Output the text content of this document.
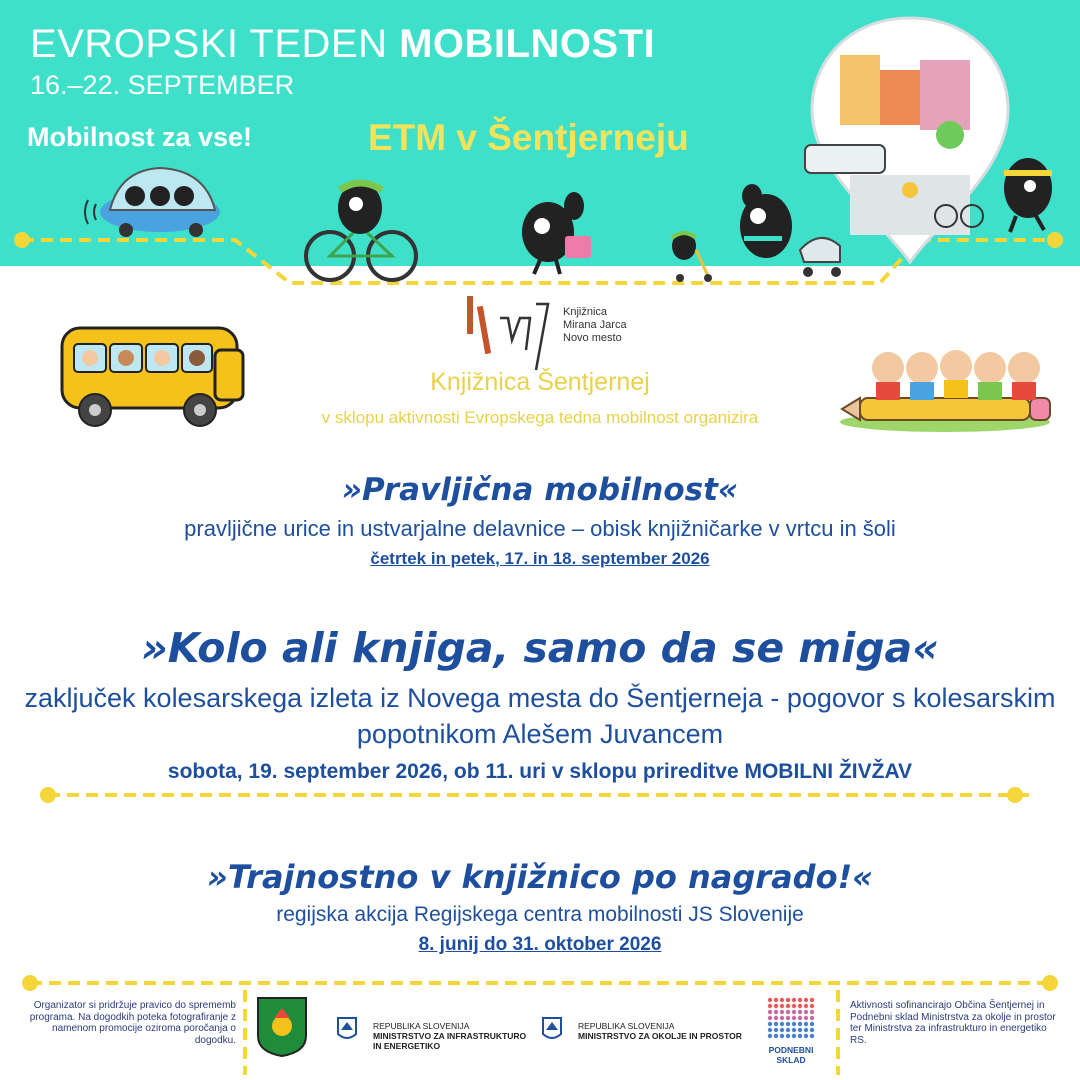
EVROPSKI TEDEN MOBILNOSTI
16.–22. SEPTEMBER
Mobilnost za vse!	ETM v Šentjerneju
Knjižnica
Mirana Jarca
Novo mesto
Knjižnica Šentjernej
v sklopu aktivnosti Evropskega tedna mobilnost organizira
»Pravljična mobilnost«
pravljične urice in ustvarjalne delavnice – obisk knjižničarke v vrtcu in šoli
četrtek in petek, 17. in 18. september 2026
»Kolo ali knjiga, samo da se miga«
zaključek kolesarskega izleta iz Novega mesta do Šentjerneja - pogovor s kolesarskim popotnikom Alešem Juvancem
sobota, 19. september 2026, ob 11. uri v sklopu prireditve MOBILNI ŽIVŽAV
»Trajnostno v knjižnico po nagrado!«
regijska akcija Regijskega centra mobilnosti JS Slovenije
8. junij do 31. oktober 2026
Organizator si pridržuje pravico do sprememb programa. Na dogodkih poteka fotografiranje z namenom promocije oziroma poročanja o dogodku.
REPUBLIKA SLOVENIJA
MINISTRSTVO ZA INFRASTRUKTURO
IN ENERGETIKO
REPUBLIKA SLOVENIJA
MINISTRSTVO ZA OKOLJE IN PROSTOR
PODNEBNI
SKLAD
Aktivnosti sofinancirajo Občina Šentjernej in Podnebni sklad Ministrstva za okolje in prostor ter Ministrstva za infrastrukturo in energetiko RS.
